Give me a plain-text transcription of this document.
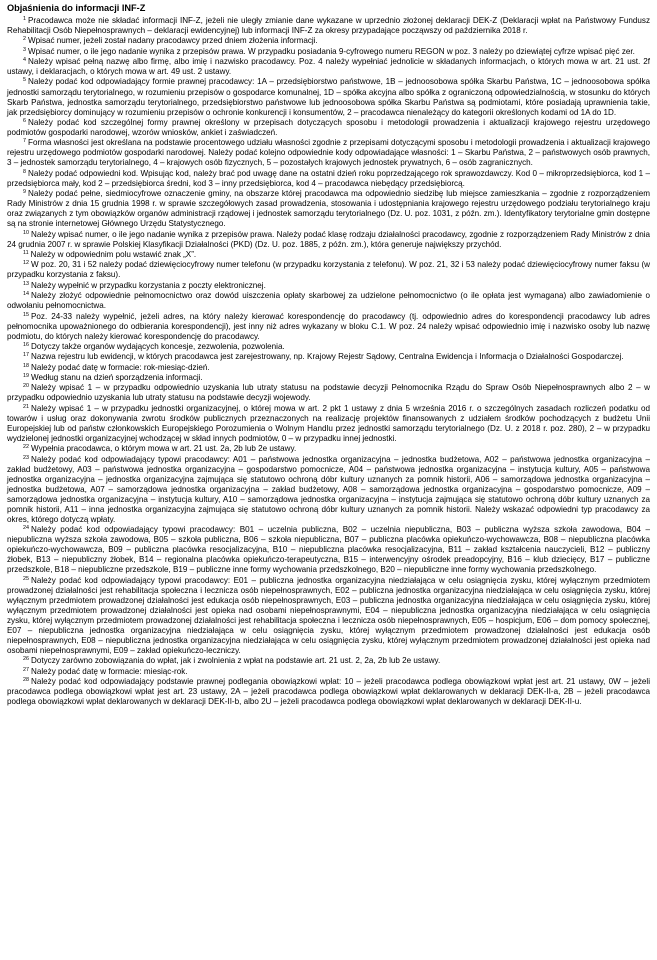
Objaśnienia do informacji INF-Z
$^1$ Pracodawca może nie składać informacji INF-Z, jeżeli nie uległy zmianie dane wykazane w uprzednio złożonej deklaracji DEK-Z (Deklaracji wpłat na Państwowy Fundusz Rehabilitacji Osób Niepełnosprawnych – deklaracji ewidencyjnej) lub informacji INF-Z za okresy przypadające począwszy od października 2018 r.
$^2$ Wpisać numer, jeżeli został nadany pracodawcy przed dniem złożenia informacji.
$^3$ Wpisać numer, o ile jego nadanie wynika z przepisów prawa. W przypadku posiadania 9-cyfrowego numeru REGON w poz. 3 należy po dziewiątej cyfrze wpisać pięć zer.
$^4$ Należy wpisać pełną nazwę albo firmę, albo imię i nazwisko pracodawcy. Poz. 4 należy wypełniać jednolicie w składanych informacjach, o których mowa w art. 21 ust. 2f ustawy, i deklaracjach, o których mowa w art. 49 ust. 2 ustawy.
$^5$ Należy podać kod odpowiadający formie prawnej pracodawcy: 1A – przedsiębiorstwo państwowe, 1B – jednoosobowa spółka Skarbu Państwa, 1C – jednoosobowa spółka jednostki samorządu terytorialnego, w rozumieniu przepisów o gospodarce komunalnej, 1D – spółka akcyjna albo spółka z ograniczoną odpowiedzialnością, w stosunku do których Skarb Państwa, jednostka samorządu terytorialnego, przedsiębiorstwo państwowe lub jednoosobowa spółka Skarbu Państwa są podmiotami, które posiadają uprawnienia takie, jak przedsiębiorcy dominujący w rozumieniu przepisów o ochronie konkurencji i konsumentów, 2 – pracodawca nienależący do kategorii określonych kodami od 1A do 1D.
$^6$ Należy podać kod szczególnej formy prawnej określony w przepisach dotyczących sposobu i metodologii prowadzenia i aktualizacji krajowego rejestru urzędowego podmiotów gospodarki narodowej, wzorów wniosków, ankiet i zaświadczeń.
$^7$ Forma własności jest określana na podstawie procentowego udziału własności zgodnie z przepisami dotyczącymi sposobu i metodologii prowadzenia i aktualizacji krajowego rejestru urzędowego podmiotów gospodarki narodowej. Należy podać kolejno odpowiednie kody odpowiadające własności: 1 – Skarbu Państwa, 2 – państwowych osób prawnych, 3 – jednostek samorządu terytorialnego, 4 – krajowych osób fizycznych, 5 – pozostałych krajowych jednostek prywatnych, 6 – osób zagranicznych.
$^8$ Należy podać odpowiedni kod. Wpisując kod, należy brać pod uwagę dane na ostatni dzień roku poprzedzającego rok sprawozdawczy. Kod 0 – mikroprzedsiębiorca, kod 1 – przedsiębiorca mały, kod 2 – przedsiębiorca średni, kod 3 – inny przedsiębiorca, kod 4 – pracodawca niebędący przedsiębiorcą.
$^9$ Należy podać pełne, siedmiocyfrowe oznaczenie gminy, na obszarze której pracodawca ma odpowiednio siedzibę lub miejsce zamieszkania – zgodnie z rozporządzeniem Rady Ministrów z dnia 15 grudnia 1998 r. w sprawie szczegółowych zasad prowadzenia, stosowania i udostępniania krajowego rejestru urzędowego podziału terytorialnego kraju oraz związanych z tym obowiązków organów administracji rządowej i jednostek samorządu terytorialnego (Dz. U. poz. 1031, z późn. zm.). Identyfikatory terytorialne gmin dostępne są na stronie internetowej Głównego Urzędu Statystycznego.
$^{10}$ Należy wpisać numer, o ile jego nadanie wynika z przepisów prawa. Należy podać klasę rodzaju działalności pracodawcy, zgodnie z rozporządzeniem Rady Ministrów z dnia 24 grudnia 2007 r. w sprawie Polskiej Klasyfikacji Działalności (PKD) (Dz. U. poz. 1885, z późn. zm.), która generuje największy przychód.
$^{11}$ Należy w odpowiednim polu wstawić znak „X”.
$^{12}$ W poz. 20, 31 i 52 należy podać dziewięciocyfrowy numer telefonu (w przypadku korzystania z telefonu). W poz. 21, 32 i 53 należy podać dziewięciocyfrowy numer faksu (w przypadku korzystania z faksu).
$^{13}$ Należy wypełnić w przypadku korzystania z poczty elektronicznej.
$^{14}$ Należy złożyć odpowiednie pełnomocnictwo oraz dowód uiszczenia opłaty skarbowej za udzielone pełnomocnictwo (o ile opłata jest wymagana) albo zawiadomienie o odwołaniu pełnomocnictwa.
$^{15}$ Poz. 24-33 należy wypełnić, jeżeli adres, na który należy kierować korespondencję do pracodawcy (tj. odpowiednio adres do korespondencji pracodawcy lub adres pełnomocnika upoważnionego do odbierania korespondencji), jest inny niż adres wykazany w bloku C.1. W poz. 24 należy wpisać odpowiednio imię i nazwisko osoby lub nazwę podmiotu, do których należy kierować korespondencję do pracodawcy.
$^{16}$ Dotyczy także organów wydających koncesje, zezwolenia, pozwolenia.
$^{17}$ Nazwa rejestru lub ewidencji, w których pracodawca jest zarejestrowany, np. Krajowy Rejestr Sądowy, Centralna Ewidencja i Informacja o Działalności Gospodarczej.
$^{18}$ Należy podać datę w formacie: rok-miesiąc-dzień.
$^{19}$ Według stanu na dzień sporządzenia informacji.
$^{20}$ Należy wpisać 1 – w przypadku odpowiednio uzyskania lub utraty statusu na podstawie decyzji Pełnomocnika Rządu do Spraw Osób Niepełnosprawnych albo 2 – w przypadku odpowiednio uzyskania lub utraty statusu na podstawie decyzji wojewody.
$^{21}$ Należy wpisać 1 – w przypadku jednostki organizacyjnej, o której mowa w art. 2 pkt 1 ustawy z dnia 5 września 2016 r. o szczególnych zasadach rozliczeń podatku od towarów i usług oraz dokonywania zwrotu środków publicznych przeznaczonych na realizację projektów finansowanych z udziałem środków pochodzących z budżetu Unii Europejskiej lub od państw członkowskich Europejskiego Porozumienia o Wolnym Handlu przez jednostki samorządu terytorialnego (Dz. U. z 2018 r. poz. 280), 2 – w przypadku wydzielonej jednostki organizacyjnej wchodzącej w skład innych podmiotów, 0 – w przypadku innej jednostki.
$^{22}$ Wypełnia pracodawca, o którym mowa w art. 21 ust. 2a, 2b lub 2e ustawy.
$^{23}$ Należy podać kod odpowiadający typowi pracodawcy: A01 – państwowa jednostka organizacyjna – jednostka budżetowa, A02 – państwowa jednostka organizacyjna – zakład budżetowy, A03 – państwowa jednostka organizacyjna – gospodarstwo pomocnicze, A04 – państwowa jednostka organizacyjna – instytucja kultury, A05 – państwowa jednostka organizacyjna – jednostka organizacyjna zajmująca się statutowo ochroną dóbr kultury uznanych za pomnik historii, A06 – samorządowa jednostka organizacyjna – jednostka budżetowa, A07 – samorządowa jednostka organizacyjna – zakład budżetowy, A08 – samorządowa jednostka organizacyjna – gospodarstwo pomocnicze, A09 – samorządowa jednostka organizacyjna – instytucja kultury, A10 – samorządowa jednostka organizacyjna – instytucja zajmująca się statutowo ochroną dóbr kultury uznanych za pomnik historii, A11 – inna jednostka organizacyjna zajmująca się statutowo ochroną dóbr kultury uznanych za pomnik historii. Należy wskazać odpowiedni typ pracodawcy za okres, którego dotyczą wpłaty.
$^{24}$ Należy podać kod odpowiadający typowi pracodawcy: B01 – uczelnia publiczna, B02 – uczelnia niepubliczna, B03 – publiczna wyższa szkoła zawodowa, B04 – niepubliczna wyższa szkoła zawodowa, B05 – szkoła publiczna, B06 – szkoła niepubliczna, B07 – publiczna placówka opiekuńczo-wychowawcza, B08 – niepubliczna placówka opiekuńczo-wychowawcza, B09 – publiczna placówka resocjalizacyjna, B10 – niepubliczna placówka resocjalizacyjna, B11 – zakład kształcenia nauczycieli, B12 – publiczny żłobek, B13 – niepubliczny żłobek, B14 – regionalna placówka opiekuńczo-terapeutyczna, B15 – interwencyjny ośrodek preadopcyjny, B16 – klub dziecięcy, B17 – publiczne przedszkole, B18 – niepubliczne przedszkole, B19 – publiczne inne formy wychowania przedszkolnego, B20 – niepubliczne inne formy wychowania przedszkolnego.
$^{25}$ Należy podać kod odpowiadający typowi pracodawcy: E01 – publiczna jednostka organizacyjna niedziałająca w celu osiągnięcia zysku, której wyłącznym przedmiotem prowadzonej działalności jest rehabilitacja społeczna i lecznicza osób niepełnosprawnych, E02 – publiczna jednostka organizacyjna niedziałająca w celu osiągnięcia zysku, której wyłącznym przedmiotem prowadzonej działalności jest edukacja osób niepełnosprawnych, E03 – publiczna jednostka organizacyjna niedziałająca w celu osiągnięcia zysku, której wyłącznym przedmiotem prowadzonej działalności jest opieka nad osobami niepełnosprawnymi, E04 – niepubliczna jednostka organizacyjna niedziałająca w celu osiągnięcia zysku, której wyłącznym przedmiotem prowadzonej działalności jest rehabilitacja społeczna i lecznicza osób niepełnosprawnych, E05 – hospicjum, E06 – dom pomocy społecznej, E07 – niepubliczna jednostka organizacyjna niedziałająca w celu osiągnięcia zysku, której wyłącznym przedmiotem prowadzonej działalności jest edukacja osób niepełnosprawnych, E08 – niepubliczna jednostka organizacyjna niedziałająca w celu osiągnięcia zysku, której wyłącznym przedmiotem prowadzonej działalności jest opieka nad osobami niepełnosprawnymi, E09 – zakład opiekuńczo-leczniczy.
$^{26}$ Dotyczy zarówno zobowiązania do wpłat, jak i zwolnienia z wpłat na podstawie art. 21 ust. 2, 2a, 2b lub 2e ustawy.
$^{27}$ Należy podać datę w formacie: miesiąc-rok.
$^{28}$ Należy podać kod odpowiadający podstawie prawnej podlegania obowiązkowi wpłat: 10 – jeżeli pracodawca podlega obowiązkowi wpłat jest art. 21 ustawy, 0W – jeżeli pracodawca podlega obowiązkowi wpłat jest art. 23 ustawy, 2A – jeżeli pracodawca podlega obowiązkowi wpłat deklarowanych w deklaracji DEK-II-a, 2B – jeżeli pracodawca podlega obowiązkowi wpłat deklarowanych w deklaracji DEK-II-b, albo 2U – jeżeli pracodawca podlega obowiązkowi wpłat deklarowanych w deklaracji DEK-II-u.
